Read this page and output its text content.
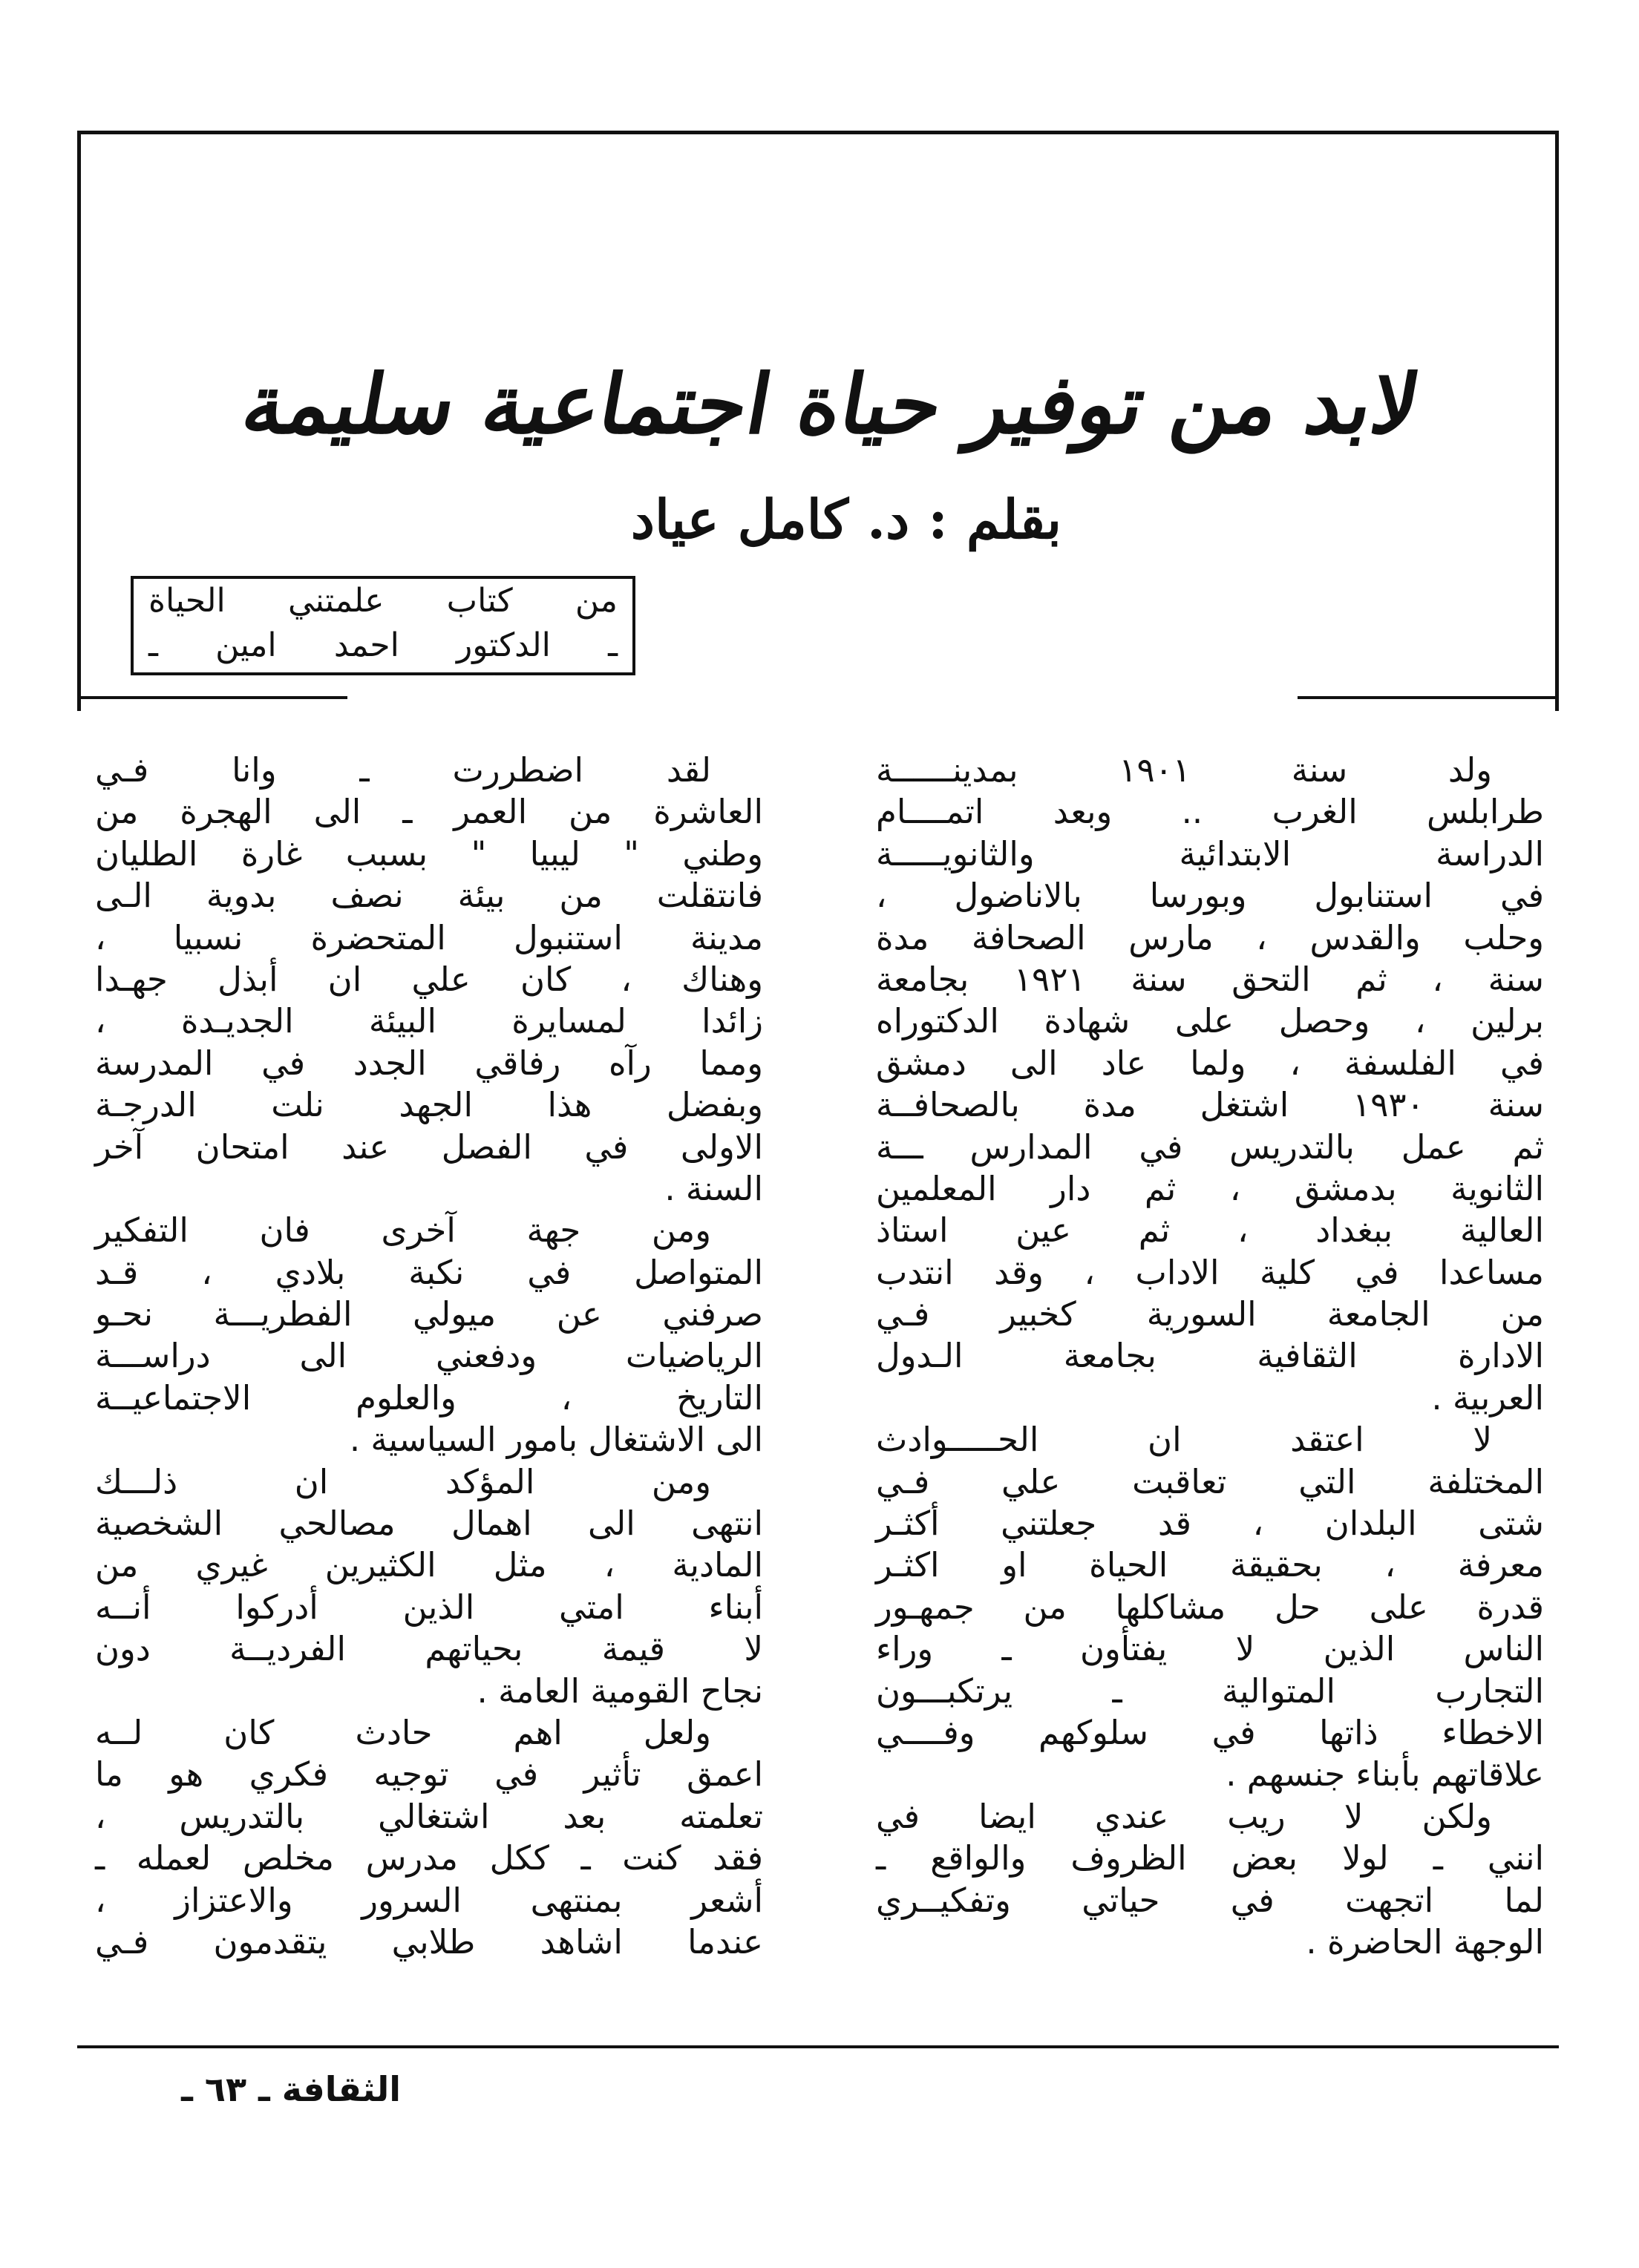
لابد من توفير حياة اجتماعية سليمة
بقلم : د. كامل عياد
من كتاب علمتني الحياة
ـ الدكتور احمد امين ـ
ولد سنة ١٩٠١ بمدينــــــة
طرابلس الغرب .. وبعد اتمــــام
الدراسة الابتدائية والثانويـــــة
في استنابول وبورسا بالاناضول ،
وحلب والقدس ، مارس الصحافة مدة
سنة ، ثم التحق سنة ١٩٢١ بجامعة
برلين ، وحصل على شهادة الدكتوراه
في الفلسفة ، ولما عاد الى دمشق
سنة ١٩٣٠ اشتغل مدة بالصحافــة
ثم عمل بالتدريس في المدارس ـــة
الثانوية بدمشق ، ثم دار المعلمين
العالية ببغداد ، ثم عين استاذ
مساعدا في كلية الاداب ، وقد انتدب
من الجامعة السورية كخبير فـي
الادارة الثقافية بجامعة الـدول
العربية .
لا اعتقد ان الحـــــوادث
المختلفة التي تعاقبت علي فـي
شتى البلدان ، قد جعلتني أكثـر
معرفة ، بحقيقة الحياة او اكثـر
قدرة على حل مشاكلها من جمهـور
الناس الذين لا يفتأون ـ وراء
التجارب المتوالية ـ يرتكبـــون
الاخطاء ذاتها في سلوكهم وفــــي
علاقاتهم بأبناء جنسهم .
ولكن لا ريب عندي ايضا في
انني ـ لولا بعض الظروف والواقع ـ
لما اتجهت في حياتي وتفكيــري
الوجهة الحاضرة .
لقد اضطررت ـ وانا فـي
العاشرة من العمر ـ الى الهجرة من
وطني " ليبيا " بسبب غارة الطليان
فانتقلت من بيئة نصف بدوية الـى
مدينة استنبول المتحضرة نسبيا ،
وهناك ، كان علي ان أبذل جهـدا
زائدا لمسايرة البيئة الجديـدة ،
ومما رآه رفاقي الجدد في المدرسة
وبفضل هذا الجهد نلت الدرجـة
الاولى في الفصل عند امتحان آخر
السنة .
ومن جهة آخرى فان التفكير
المتواصل في نكبة بلادي ، قـد
صرفني عن ميولي الفطريـــة نحـو
الرياضيات ودفعني الى دراســـة
التاريخ ، والعلوم الاجتماعيــة
الى الاشتغال بامور السياسية .
ومن المؤكد ان ذلـــك
انتهى الى اهمال مصالحي الشخصية
المادية ، مثل الكثيرين غيري من
أبناء امتي الذين أدركوا أنــه
لا قيمة بحياتهم الفرديــة دون
نجاح القومية العامة .
ولعل اهم حادث كان لــه
اعمق تأثير في توجيه فكري هو ما
تعلمته بعد اشتغالي بالتدريس ،
فقد كنت ـ ككل مدرس مخلص لعمله ـ
أشعر بمنتهى السرور والاعتزاز ،
عندما اشاهد طلابي يتقدمون فـي
الثقافة ـ ٦٣ ـ
